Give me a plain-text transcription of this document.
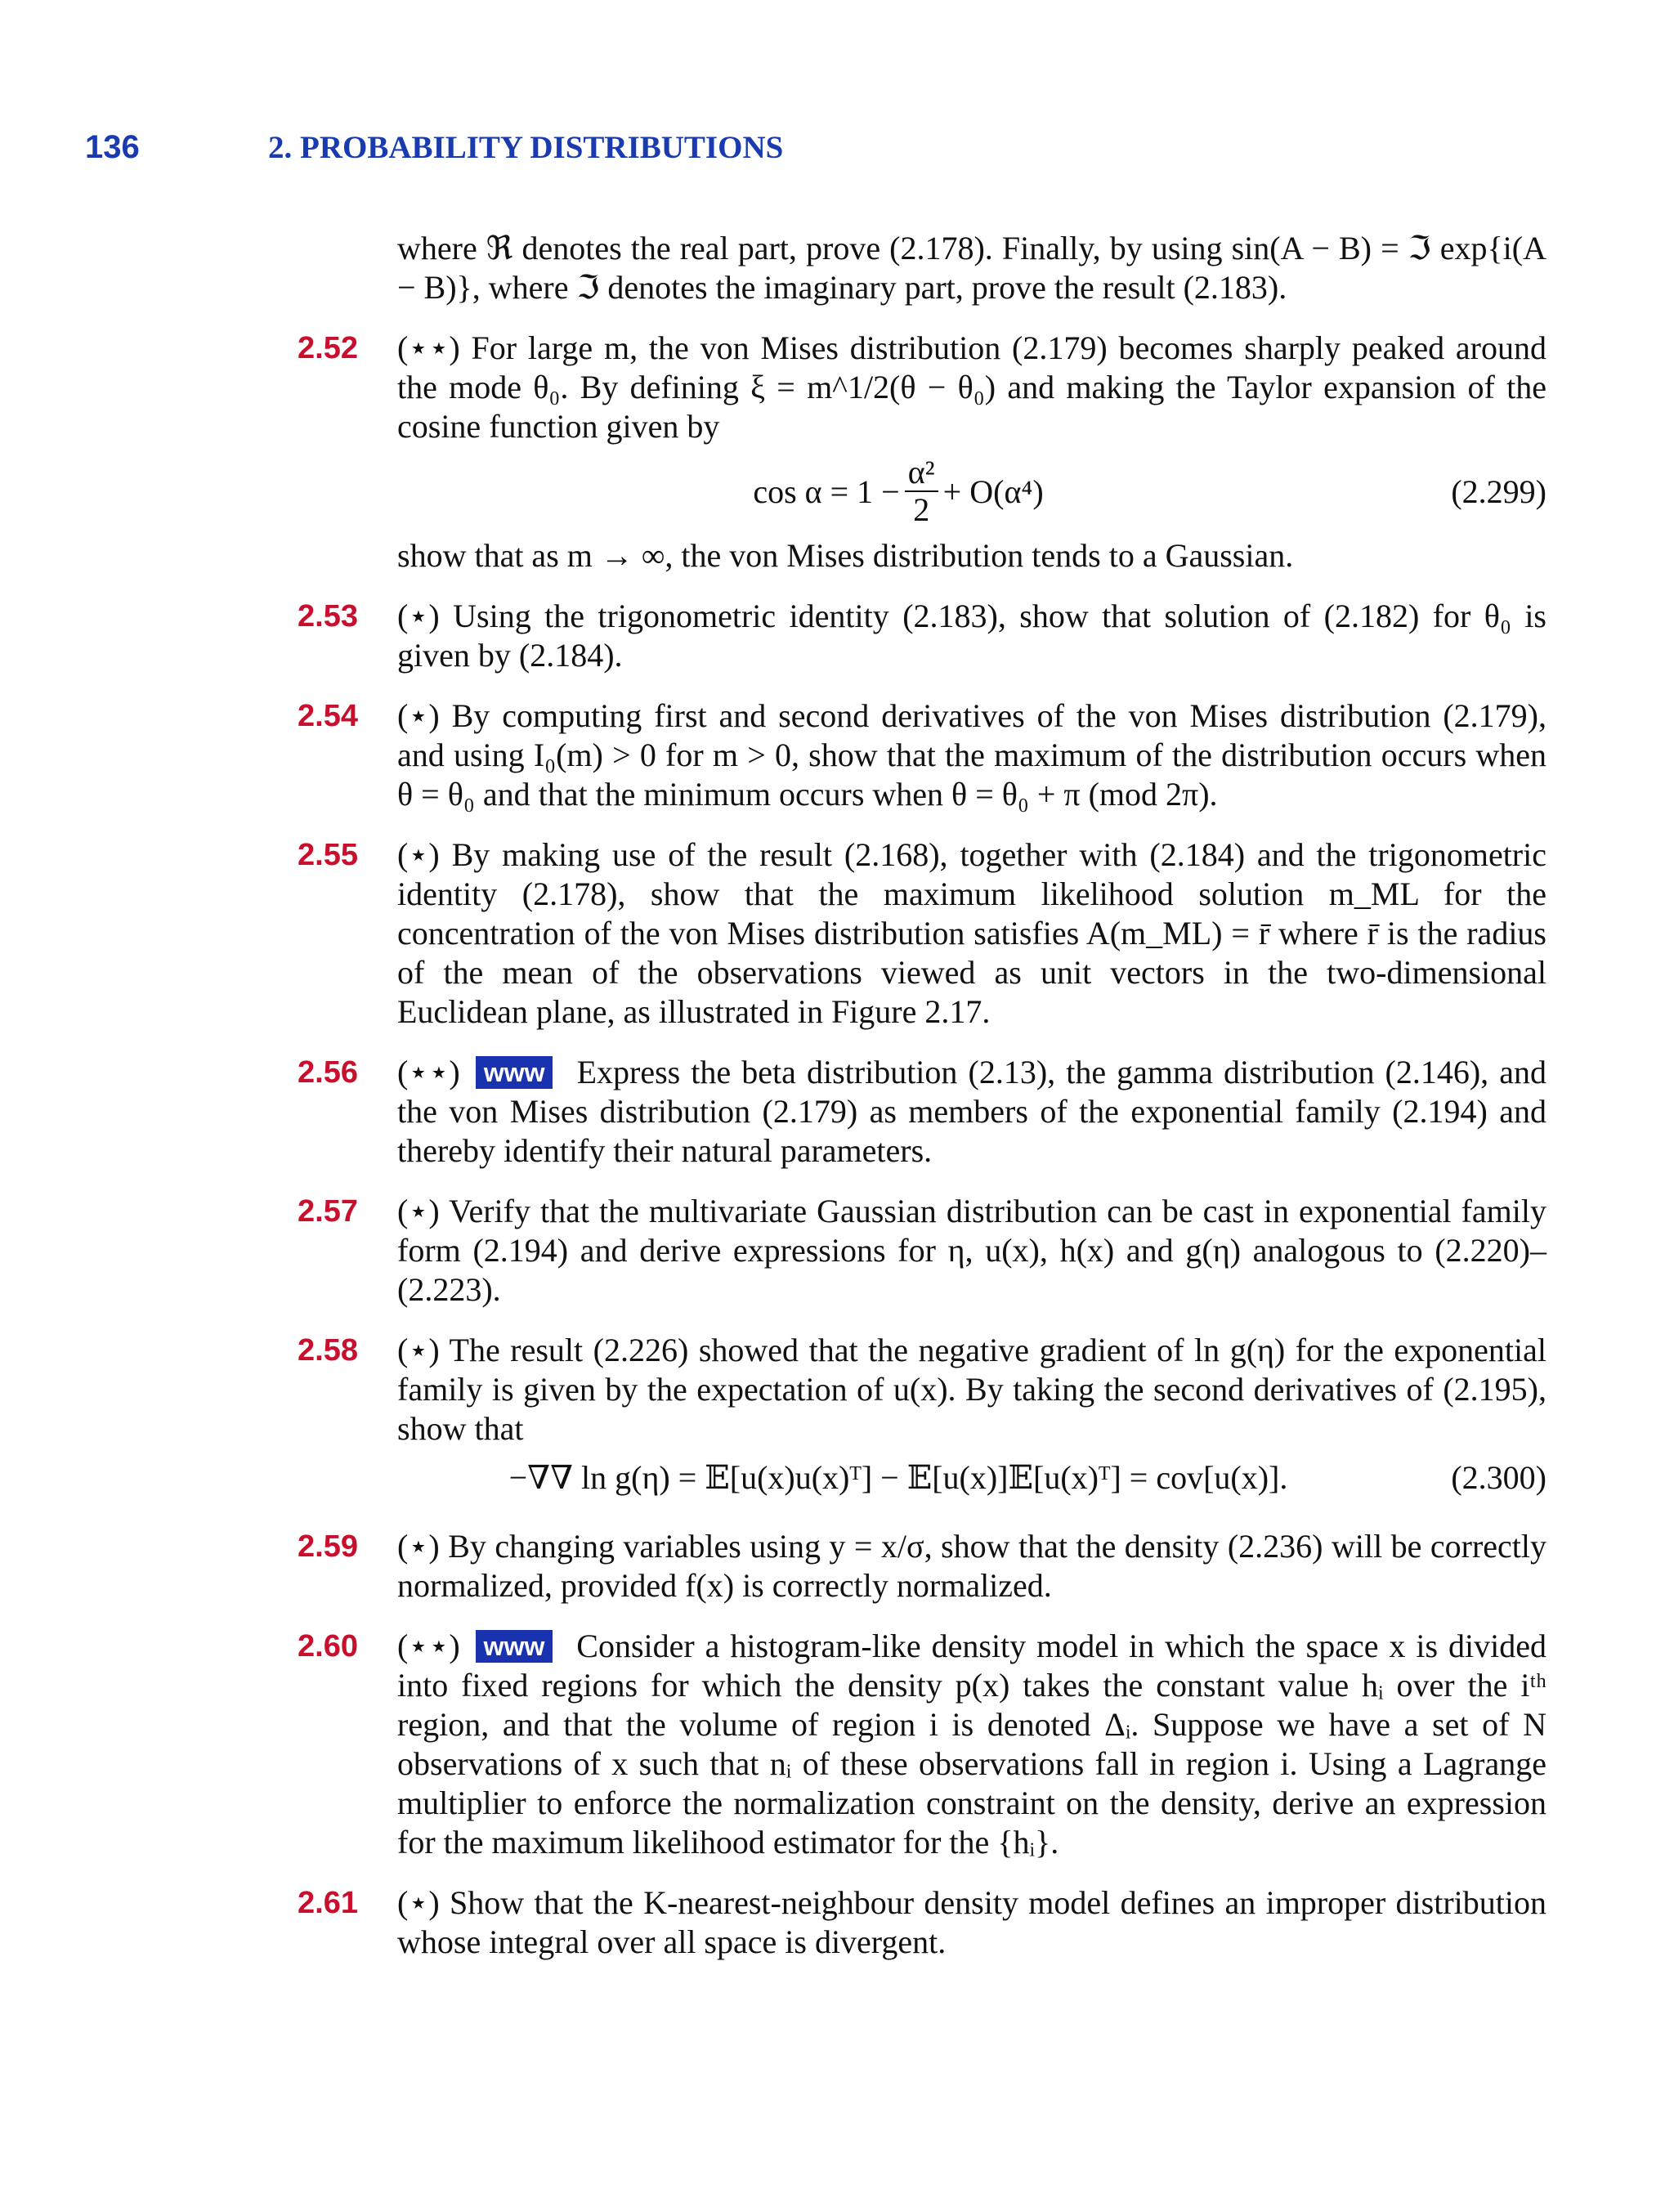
136	2. PROBABILITY DISTRIBUTIONS

where ℜ denotes the real part, prove (2.178). Finally, by using sin(A − B) = ℑ exp{i(A − B)}, where ℑ denotes the imaginary part, prove the result (2.183).

2.52 (⋆⋆) For large m, the von Mises distribution (2.179) becomes sharply peaked around the mode θ₀. By defining ξ = m^1/2(θ − θ₀) and making the Taylor expansion of the cosine function given by

$\cos \alpha = 1 - \frac{\text{α²}}{2} + O(\alpha^4)$	(2.299)

show that as m → ∞, the von Mises distribution tends to a Gaussian.

2.53 (⋆) Using the trigonometric identity (2.183), show that solution of (2.182) for θ₀ is given by (2.184).

2.54 (⋆) By computing first and second derivatives of the von Mises distribution (2.179), and using I₀(m) > 0 for m > 0, show that the maximum of the distribution occurs when θ = θ₀ and that the minimum occurs when θ = θ₀ + π (mod 2π).

2.55 (⋆) By making use of the result (2.168), together with (2.184) and the trigonometric identity (2.178), show that the maximum likelihood solution m_ML for the concentration of the von Mises distribution satisfies A(m_ML) = r̄ where r̄ is the radius of the mean of the observations viewed as unit vectors in the two-dimensional Euclidean plane, as illustrated in Figure 2.17.

2.56 (⋆⋆) www Express the beta distribution (2.13), the gamma distribution (2.146), and the von Mises distribution (2.179) as members of the exponential family (2.194) and thereby identify their natural parameters.

2.57 (⋆) Verify that the multivariate Gaussian distribution can be cast in exponential family form (2.194) and derive expressions for η, u(x), h(x) and g(η) analogous to (2.220)–(2.223).

2.58 (⋆) The result (2.226) showed that the negative gradient of ln g(η) for the exponential family is given by the expectation of u(x). By taking the second derivatives of (2.195), show that

−∇∇ ln g(η) = 𝔼[u(x)u(x)ᵀ] − 𝔼[u(x)]𝔼[u(x)ᵀ] = cov[u(x)].	(2.300)
2.59 (⋆) By changing variables using y = x/σ, show that the density (2.236) will be correctly normalized, provided f(x) is correctly normalized.

2.60 (⋆⋆) www Consider a histogram-like density model in which the space x is divided into fixed regions for which the density p(x) takes the constant value hᵢ over the iᵗʰ region, and that the volume of region i is denoted Δᵢ. Suppose we have a set of N observations of x such that nᵢ of these observations fall in region i. Using a Lagrange multiplier to enforce the normalization constraint on the density, derive an expression for the maximum likelihood estimator for the {hᵢ}.

2.61 (⋆) Show that the K-nearest-neighbour density model defines an improper distribution whose integral over all space is divergent.
